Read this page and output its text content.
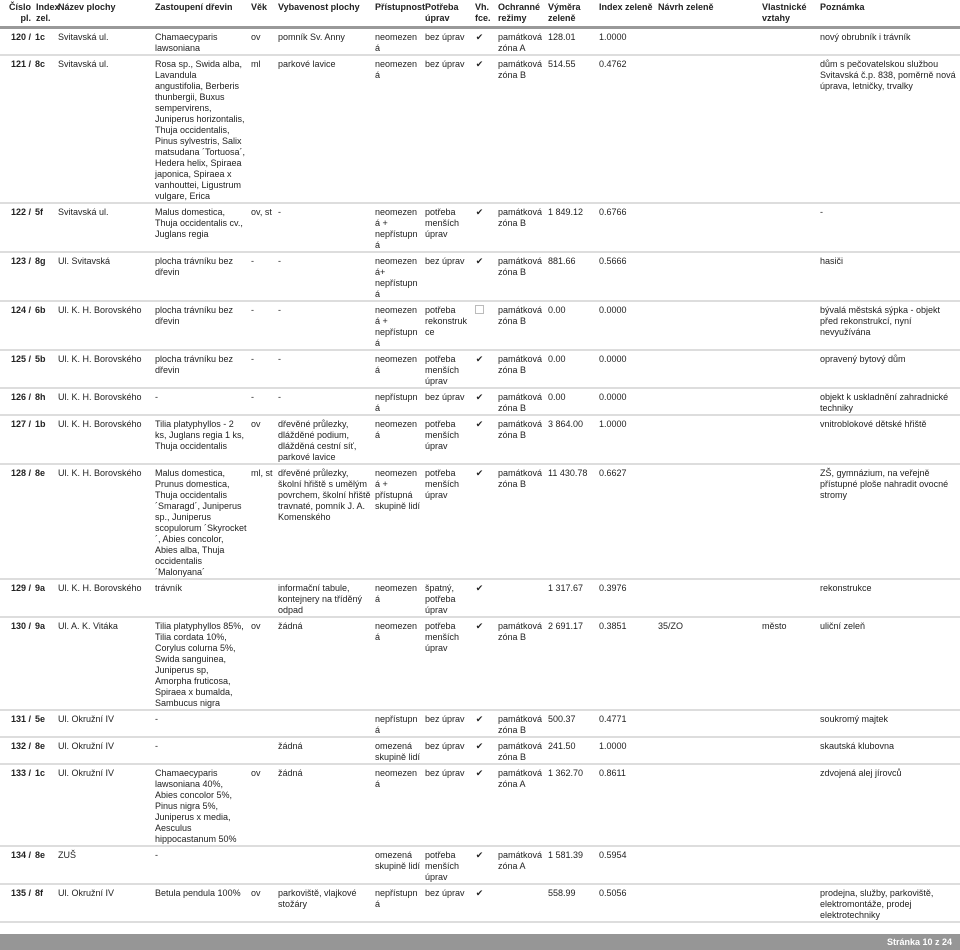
Číslo pl.	Index zel.	Název plochy	Zastoupení dřevin	Věk	Vybavenost plochy	Přístupnost	Potřeba úprav	Vh. fce.	Ochranné režimy	Výměra zeleně	Index zeleně	Návrh zeleně	Vlastnické vztahy	Poznámka
120 /	1c	Svitavská ul.	Chamaecyparis lawsoniana	ov	pomník Sv. Anny	neomezená	bez úprav	✔	památková zóna A	128.01	1.0000			nový obrubník i trávník
121 /	8c	Svitavská ul.	Rosa sp., Swida alba, Lavandula angustifolia, Berberis thunbergii, Buxus sempervirens, Juniperus horizontalis, Thuja occidentalis, Pinus sylvestris, Salix matsudana ´Tortuosa´, Hedera helix, Spiraea japonica, Spiraea x vanhouttei, Ligustrum vulgare, Erica	ml	parkové lavice	neomezená	bez úprav	✔	památková zóna B	514.55	0.4762			dům s pečovatelskou službou Svitavská č.p. 838, poměrně nová úprava, letničky, trvalky
122 /	5f	Svitavská ul.	Malus domestica, Thuja occidentalis cv., Juglans regia	ov, st	-	neomezená + nepřístupná	potřeba menších úprav	✔	památková zóna B	1 849.12	0.6766			-
123 /	8g	Ul. Svitavská	plocha trávníku bez dřevin	-	-	neomezená+ nepřístupná	bez úprav	✔	památková zóna B	881.66	0.5666			hasiči
124 /	6b	Ul. K. H. Borovského	plocha trávníku bez dřevin	-	-	neomezená + nepřístupná	potřeba rekonstrukce		památková zóna B	0.00	0.0000			bývalá městská sýpka - objekt před rekonstrukcí, nyní nevyužívána
125 /	5b	Ul. K. H. Borovského	plocha trávníku bez dřevin	-	-	neomezená	potřeba menších úprav	✔	památková zóna B	0.00	0.0000			opravený bytový dům
126 /	8h	Ul. K. H. Borovského	-	-	-	nepřístupná	bez úprav	✔	památková zóna B	0.00	0.0000			objekt k uskladnění zahradnické techniky
127 /	1b	Ul. K. H. Borovského	Tilia platyphyllos - 2 ks, Juglans regia 1 ks, Thuja occidentalis	ov	dřevěné průlezky, dlážděné podium, dlážděná cestní síť, parkové lavice	neomezená	potřeba menších úprav	✔	památková zóna B	3 864.00	1.0000			vnitroblokové dětské hřiště
128 /	8e	Ul. K. H. Borovského	Malus domestica, Prunus domestica, Thuja occidentalis ´Smaragd´, Juniperus sp., Juniperus scopulorum ´Skyrocket´, Abies concolor, Abies alba, Thuja occidentalis ´Malonyana´	ml, st	dřevěné průlezky, školní hřiště s umělým povrchem, školní hřiště travnaté, pomník J. A. Komenského	neomezená + přístupná skupině lidí	potřeba menších úprav	✔	památková zóna B	11 430.78	0.6627			ZŠ, gymnázium, na veřejně přístupné ploše nahradit ovocné stromy
129 /	9a	Ul. K. H. Borovského	trávník		informační tabule, kontejnery na tříděný odpad	neomezená	špatný, potřeba úprav	✔		1 317.67	0.3976			rekonstrukce
130 /	9a	Ul. A. K. Vitáka	Tilia platyphyllos 85%, Tilia cordata 10%, Corylus colurna 5%, Swida sanguinea, Juniperus sp, Amorpha fruticosa, Spiraea x bumalda, Sambucus nigra	ov	žádná	neomezená	potřeba menších úprav	✔	památková zóna B	2 691.17	0.3851	35/ZO	město	uliční zeleň
131 /	5e	Ul. Okružní IV	-			nepřístupná	bez úprav	✔	památková zóna B	500.37	0.4771			soukromý majtek
132 /	8e	Ul. Okružní IV	-		žádná	omezená skupině lidí	bez úprav	✔	památková zóna B	241.50	1.0000			skautská klubovna
133 /	1c	Ul. Okružní IV	Chamaecyparis lawsoniana 40%, Abies concolor 5%, Pinus nigra 5%, Juniperus x media, Aesculus hippocastanum 50%	ov	žádná	neomezená	bez úprav	✔	památková zóna A	1 362.70	0.8611			zdvojená alej jírovců
134 /	8e	ZUŠ	-			omezená skupině lidí	potřeba menších úprav	✔	památková zóna A	1 581.39	0.5954			
135 /	8f	Ul. Okružní IV	Betula pendula 100%	ov	parkoviště, vlajkové stožáry	nepřístupná	bez úprav	✔		558.99	0.5056			prodejna, služby, parkoviště, elektromontáže, prodej elektrotechniky
Stránka 10 z 24
